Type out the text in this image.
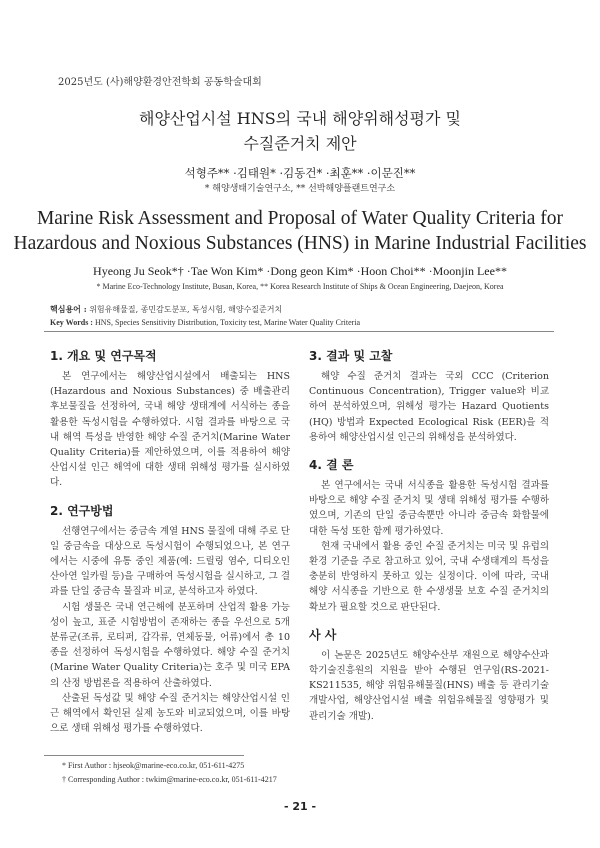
2025년도 (사)해양환경안전학회 공동학술대회
해양산업시설 HNS의 국내 해양위해성평가 및
수질준거치 제안
석형주** ·김태원* ·김동건* ·최훈** ·이문진**
* 해양생태기술연구소, ** 선박해양플랜트연구소
Marine Risk Assessment and Proposal of Water Quality Criteria for
Hazardous and Noxious Substances (HNS) in Marine Industrial Facilities
Hyeong Ju Seok*† ·Tae Won Kim* ·Dong geon Kim* ·Hoon Choi** ·Moonjin Lee**
* Marine Eco-Technology Institute, Busan, Korea, ** Korea Research Institute of Ships & Ocean Engineering, Daejeon, Korea
핵심용어 : 위험유해물질, 종민감도분포, 독성시험, 해양수질준거치
Key Words : HNS, Species Sensitivity Distribution, Toxicity test, Marine Water Quality Criteria
1. 개요 및 연구목적

본 연구에서는 해양산업시설에서 배출되는 HNS (Hazardous and Noxious Substances) 중 배출관리 후보물질을 선정하여, 국내 해양 생태계에 서식하는 종을 활용한 독성시험을 수행하였다. 시험 결과를 바탕으로 국내 해역 특성을 반영한 해양 수질 준거치(Marine Water Quality Criteria)를 제안하였으며, 이를 적용하여 해양산업시설 인근 해역에 대한 생태 위해성 평가를 실시하였다.

2. 연구방법

선행연구에서는 중금속 계열 HNS 물질에 대해 주로 단일 중금속을 대상으로 독성시험이 수행되었으나, 본 연구에서는 시중에 유통 중인 제품(예: 드릴링 염수, 디티오인산아연 일카릴 등)을 구매하여 독성시험을 실시하고, 그 결과를 단일 중금속 물질과 비교, 분석하고자 하였다.

시험 생물은 국내 연근해에 분포하며 산업적 활용 가능성이 높고, 표준 시험방법이 존재하는 종을 우선으로 5개 분류군(조류, 로티퍼, 갑각류, 연체동물, 어류)에서 총 10종을 선정하여 독성시험을 수행하였다. 해양 수질 준거치(Marine Water Quality Criteria)는 호주 및 미국 EPA의 산정 방법론을 적용하여 산출하였다.

산출된 독성값 및 해양 수질 준거치는 해양산업시설 인근 해역에서 확인된 실제 농도와 비교되었으며, 이를 바탕으로 생태 위해성 평가를 수행하였다.

3. 결과 및 고찰

해양 수질 준거치 결과는 국외 CCC (Criterion Continuous Concentration), Trigger value와 비교하여 분석하였으며, 위해성 평가는 Hazard Quotients (HQ) 방법과 Expected Ecological Risk (EER)을 적용하여 해양산업시설 인근의 위해성을 분석하였다.

4. 결 론

본 연구에서는 국내 서식종을 활용한 독성시험 결과를 바탕으로 해양 수질 준거치 및 생태 위해성 평가를 수행하였으며, 기존의 단일 중금속뿐만 아니라 중금속 화합물에 대한 독성 또한 함께 평가하였다.

현재 국내에서 활용 중인 수질 준거치는 미국 및 유럽의 환경 기준을 주로 참고하고 있어, 국내 수생태계의 특성을 충분히 반영하지 못하고 있는 실정이다. 이에 따라, 국내 해양 서식종을 기반으로 한 수생생물 보호 수질 준거치의 확보가 필요할 것으로 판단된다.

사 사

이 논문은 2025년도 해양수산부 재원으로 해양수산과학기술진흥원의 지원을 받아 수행된 연구임(RS-2021-KS211535, 해양 위험유해물질(HNS) 배출 등 관리기술 개발사업, 해양산업시설 배출 위험유해물질 영향평가 및 관리기술 개발).

* First Author : hjseok@marine-eco.co.kr, 051-611-4275
† Corresponding Author : twkim@marine-eco.co.kr, 051-611-4217
- 21 -
